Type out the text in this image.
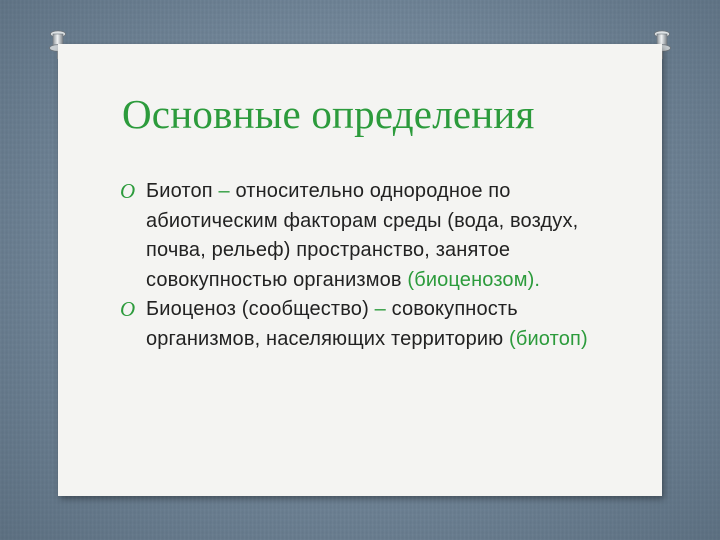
Основные определения
O Биотоп – относительно однородное по абиотическим факторам среды (вода, воздух, почва, рельеф) пространство, занятое совокупностью организмов (биоценозом).
O Биоценоз (сообщество) – совокупность организмов, населяющих территорию (биотоп)
